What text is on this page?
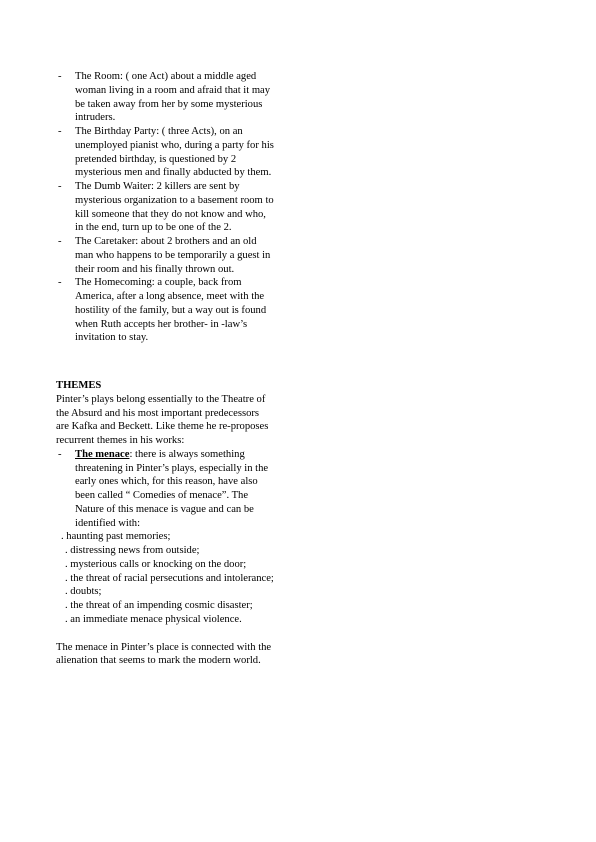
- The Room: ( one Act) about a middle aged woman living in a room and afraid that it may be taken away from her by some mysterious intruders.
- The Birthday Party: ( three Acts), on an unemployed pianist who, during a party for his pretended birthday, is questioned by 2 mysterious men and finally abducted by them.
- The Dumb Waiter: 2 killers are sent by mysterious organization to a basement room to kill someone that they do not know and who, in the end, turn up to be one of the 2.
- The Caretaker: about 2 brothers and an old man who happens to be temporarily a guest in their room and his finally thrown out.
- The Homecoming: a couple, back from America, after a long absence, meet with the hostility of the family, but a way out is found when Ruth accepts her brother- in -law’s invitation to stay.
THEMES
Pinter’s plays belong essentially to the Theatre of the Absurd and his most important predecessors are Kafka and Beckett. Like theme he re-proposes recurrent themes in his works:
- The menace: there is always something threatening in Pinter’s plays, especially in the early ones which, for this reason, have also been called “ Comedies of menace”. The Nature of this menace is vague and can be identified with:
. haunting past memories;
. distressing news from outside;
. mysterious calls or knocking on the door;
. the threat of racial persecutions and intolerance;
. doubts;
. the threat of an impending cosmic disaster;
. an immediate menace physical violence.
The menace in Pinter’s place is connected with the alienation that seems to mark the modern world.
